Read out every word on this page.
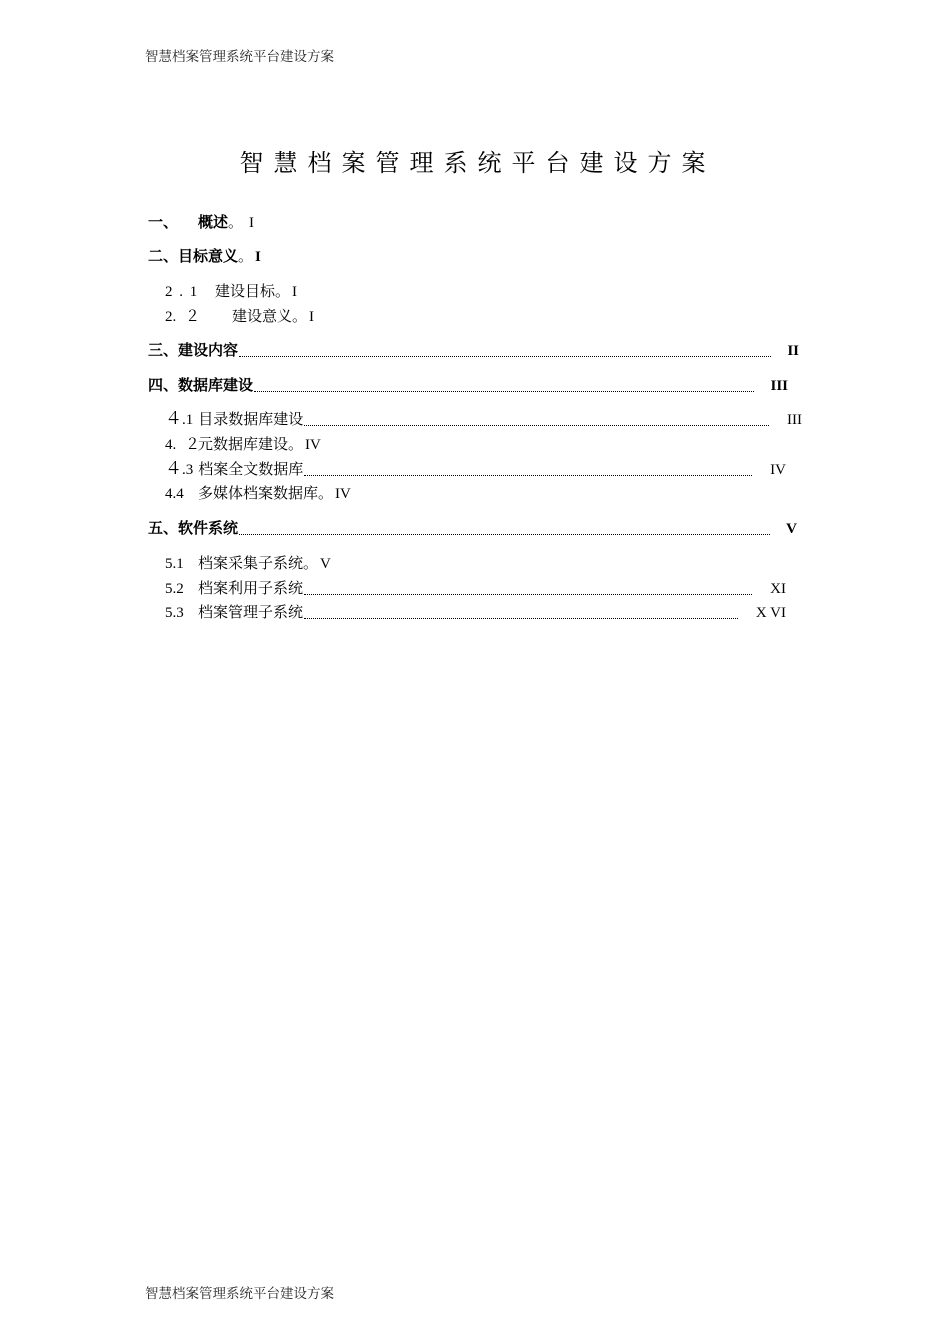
智慧档案管理系统平台建设方案
智慧档案管理系统平台建设方案
一、 概述。 I
二、目标意义。 I
2 . 1 建设目标。 I
2. ２ 建设意义。 I
三、 建设内容	II
四、 数据库建设	III
４ .1 目录数据库建设	III
4. ２元数据库建设。 IV
４ .3 档案全文数据库	IV
4.4 多媒体档案数据库。 IV
五、 软件系统	V
5.1 档案采集子系统。 V
5.2 档案利用子系统	XI
5.3 档案管理子系统	X VI
智慧档案管理系统平台建设方案
